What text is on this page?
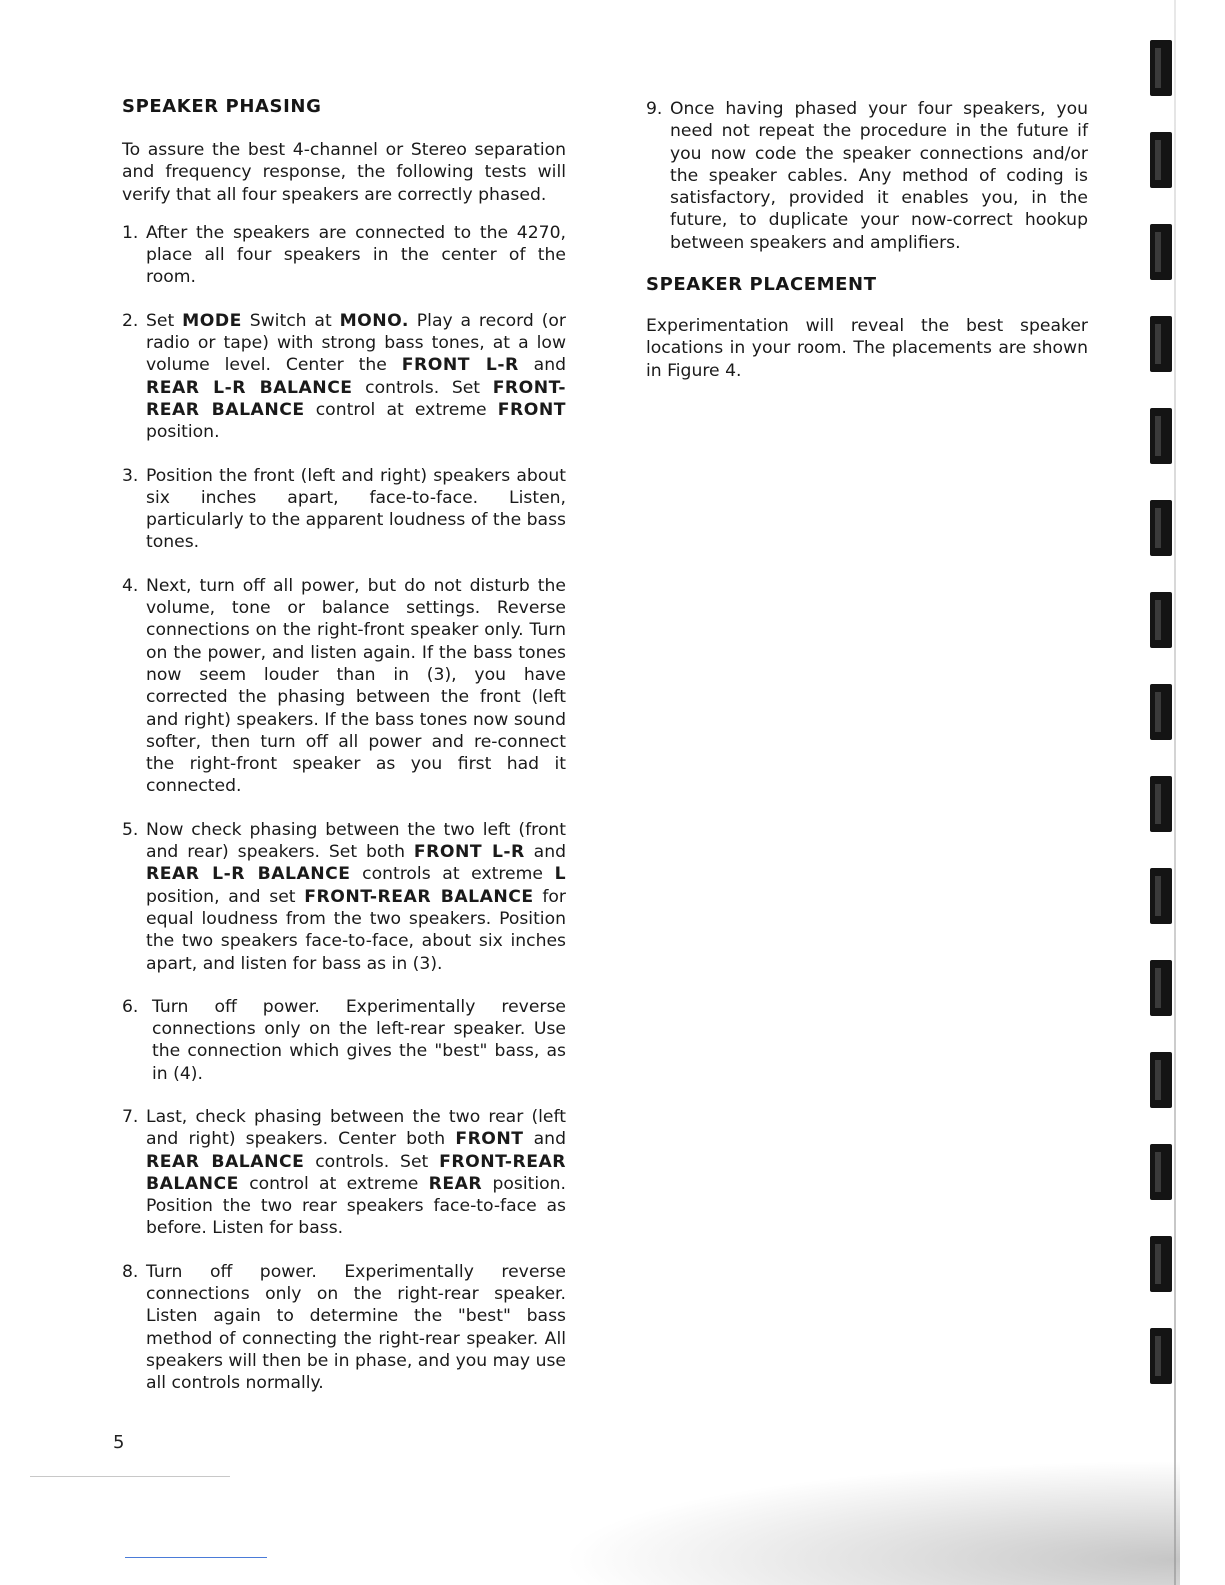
SPEAKER PHASING

To assure the best 4-channel or Stereo separation and frequency response, the following tests will verify that all four speakers are correctly phased.

1. After the speakers are connected to the 4270, place all four speakers in the center of the room.
2. Set MODE Switch at MONO. Play a record (or radio or tape) with strong bass tones, at a low volume level. Center the FRONT L-R and REAR L-R BALANCE controls. Set FRONT-REAR BALANCE control at extreme FRONT position.
3. Position the front (left and right) speakers about six inches apart, face-to-face. Listen, particularly to the apparent loudness of the bass tones.
4. Next, turn off all power, but do not disturb the volume, tone or balance settings. Reverse connections on the right-front speaker only. Turn on the power, and listen again. If the bass tones now seem louder than in (3), you have corrected the phasing between the front (left and right) speakers. If the bass tones now sound softer, then turn off all power and re-connect the right-front speaker as you first had it connected.
5. Now check phasing between the two left (front and rear) speakers. Set both FRONT L-R and REAR L-R BALANCE controls at extreme L position, and set FRONT-REAR BALANCE for equal loudness from the two speakers. Position the two speakers face-to-face, about six inches apart, and listen for bass as in (3).
6. Turn off power. Experimentally reverse connections only on the left-rear speaker. Use the connection which gives the "best" bass, as in (4).
7. Last, check phasing between the two rear (left and right) speakers. Center both FRONT and REAR BALANCE controls. Set FRONT-REAR BALANCE control at extreme REAR position. Position the two rear speakers face-to-face as before. Listen for bass.
8. Turn off power. Experimentally reverse connections only on the right-rear speaker. Listen again to determine the "best" bass method of connecting the right-rear speaker. All speakers will then be in phase, and you may use all controls normally.
9. Once having phased your four speakers, you need not repeat the procedure in the future if you now code the speaker connections and/or the speaker cables. Any method of coding is satisfactory, provided it enables you, in the future, to duplicate your now-correct hookup between speakers and amplifiers.
SPEAKER PLACEMENT

Experimentation will reveal the best speaker locations in your room. The placements are shown in Figure 4.

5
